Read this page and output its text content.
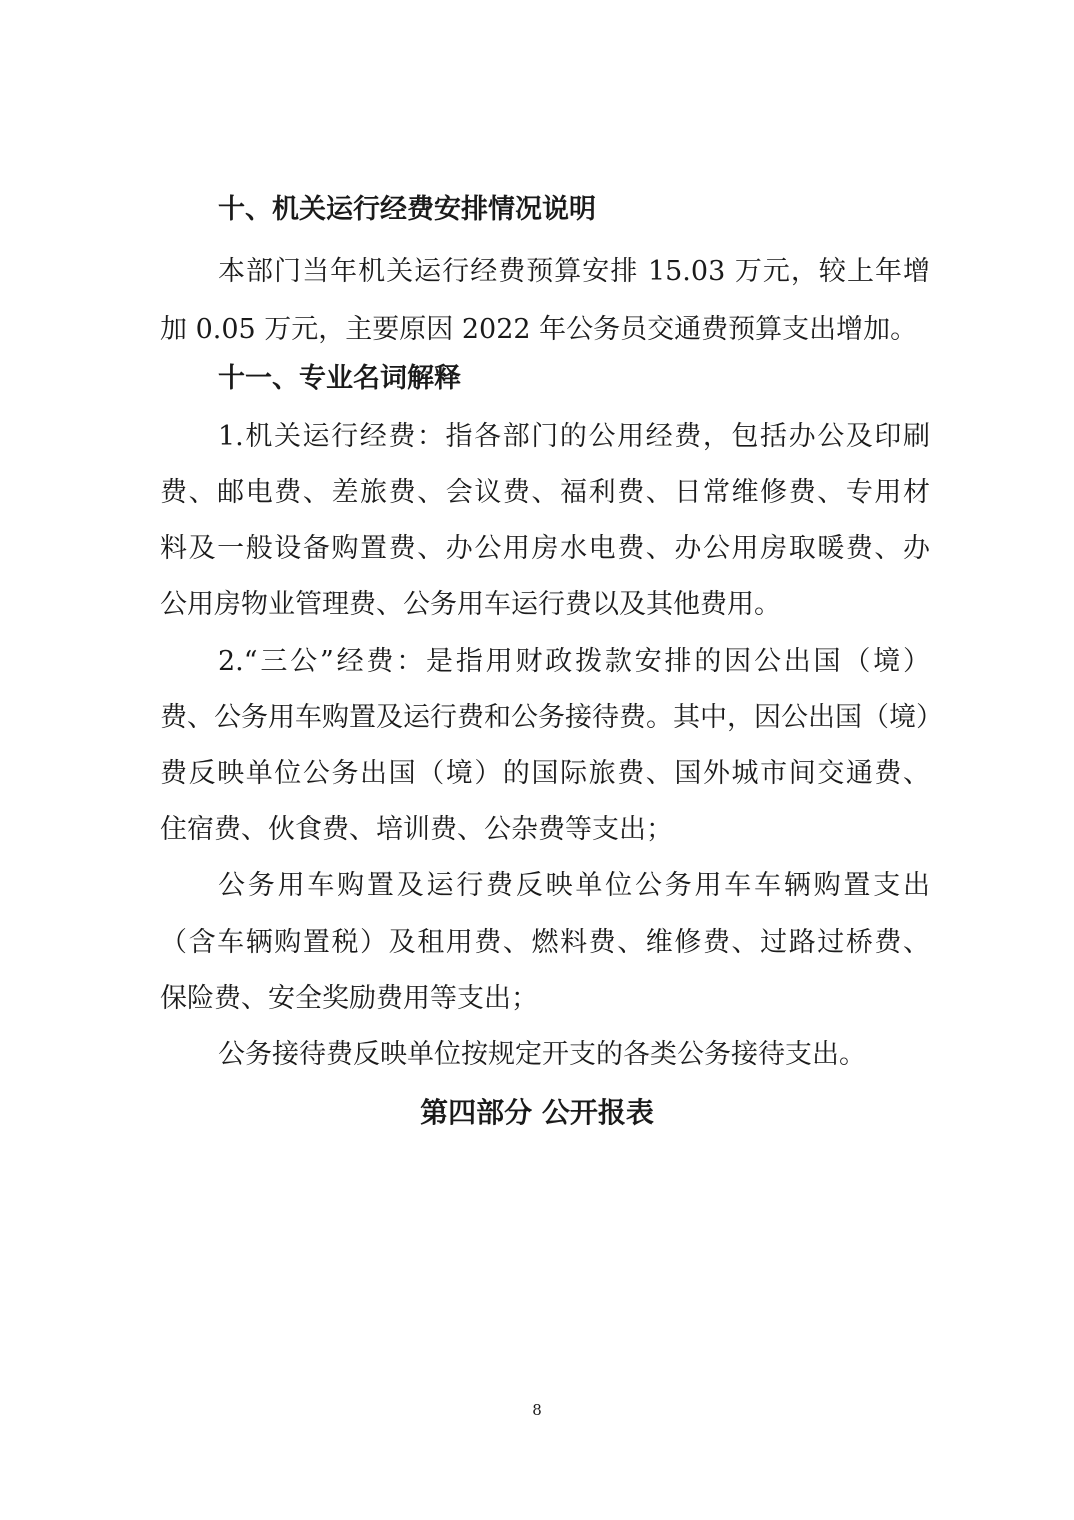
十、机关运行经费安排情况说明
本部门当年机关运行经费预算安排 15.03 万元，较上年增
加 0.05 万元，主要原因 2022 年公务员交通费预算支出增加。
十一、专业名词解释
1.机关运行经费：指各部门的公用经费，包括办公及印刷
费、邮电费、差旅费、会议费、福利费、日常维修费、专用材
料及一般设备购置费、办公用房水电费、办公用房取暖费、办
公用房物业管理费、公务用车运行费以及其他费用。
2.“三公”经费：是指用财政拨款安排的因公出国（境）
费、公务用车购置及运行费和公务接待费。其中，因公出国（境）
费反映单位公务出国（境）的国际旅费、国外城市间交通费、
住宿费、伙食费、培训费、公杂费等支出；
公务用车购置及运行费反映单位公务用车车辆购置支出
（含车辆购置税）及租用费、燃料费、维修费、过路过桥费、
保险费、安全奖励费用等支出；
公务接待费反映单位按规定开支的各类公务接待支出。
第四部分 公开报表
8
